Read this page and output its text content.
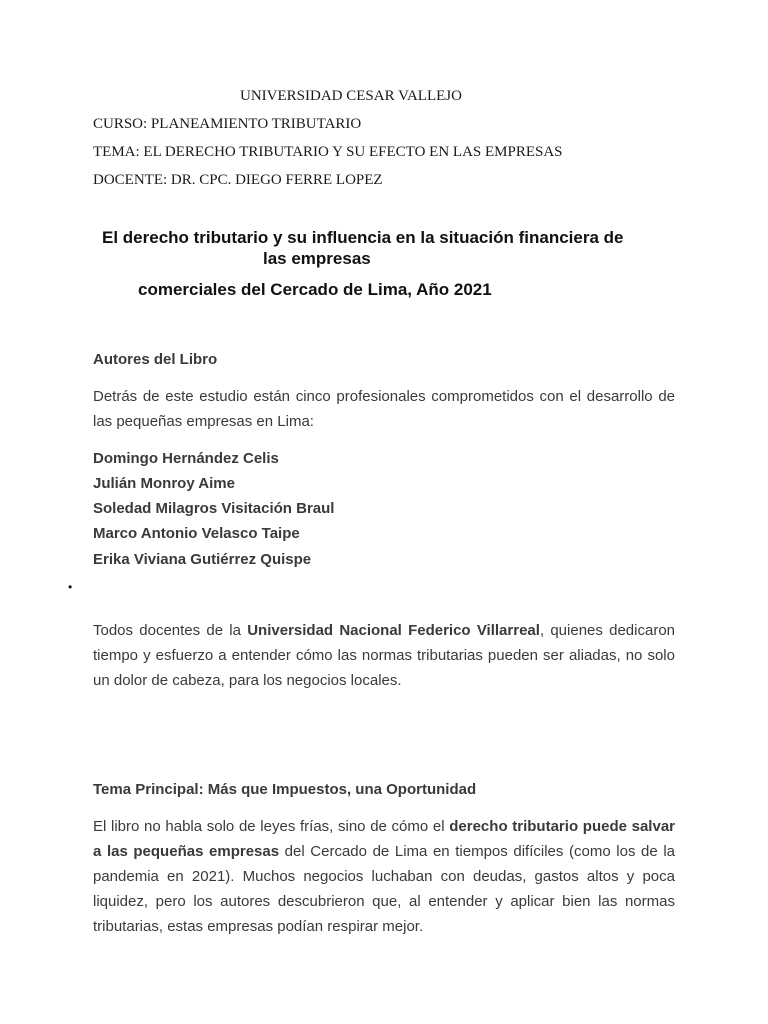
UNIVERSIDAD CESAR VALLEJO
CURSO: PLANEAMIENTO TRIBUTARIO
TEMA: EL DERECHO TRIBUTARIO Y SU EFECTO EN LAS EMPRESAS
DOCENTE: DR. CPC. DIEGO FERRE LOPEZ
El derecho tributario y su influencia en la situación financiera de
las empresas
comerciales del Cercado de Lima, Año 2021
Autores del Libro

Detrás de este estudio están cinco profesionales comprometidos con el desarrollo de las pequeñas empresas en Lima:

Domingo Hernández Celis
Julián Monroy Aime
Soledad Milagros Visitación Braul
Marco Antonio Velasco Taipe
Erika Viviana Gutiérrez Quispe
•

Todos docentes de la Universidad Nacional Federico Villarreal, quienes dedicaron tiempo y esfuerzo a entender cómo las normas tributarias pueden ser aliadas, no solo un dolor de cabeza, para los negocios locales.

Tema Principal: Más que Impuestos, una Oportunidad

El libro no habla solo de leyes frías, sino de cómo el derecho tributario puede salvar a las pequeñas empresas del Cercado de Lima en tiempos difíciles (como los de la pandemia en 2021). Muchos negocios luchaban con deudas, gastos altos y poca liquidez, pero los autores descubrieron que, al entender y aplicar bien las normas tributarias, estas empresas podían respirar mejor.
